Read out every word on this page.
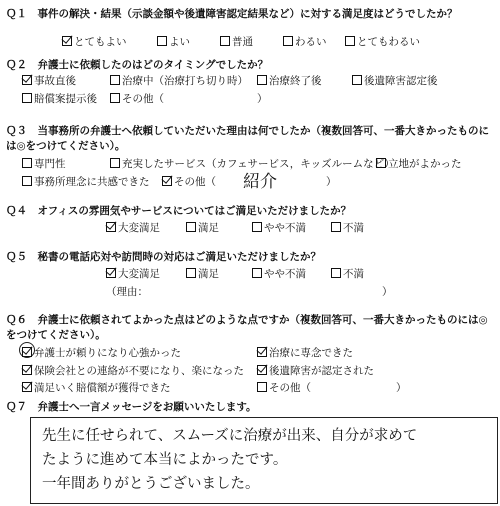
Ｑ１　事件の解決・結果（示談金額や後遺障害認定結果など）に対する満足度はどうでしたか？
とてもよい	よい	普通	わるい	とてもわるい
Ｑ２　弁護士に依頼したのはどのタイミングでしたか？
事故直後	治療中（治療打ち切り時）	治療終了後	後遺障害認定後
賠償案提示後	その他（	）
Ｑ３　当事務所の弁護士へ依頼していただいた理由は何でしたか（複数回答可、一番大きかったものには◎をつけてください）。
専門性	充実したサービス（カフェサービス，キッズルームなど）
立地がよかった
事務所理念に共感できた	その他（ 紹介	）
Ｑ４　オフィスの雰囲気やサービスについてはご満足いただけましたか？
大変満足	満足	やや不満	不満
Ｑ５　秘書の電話応対や訪問時の対応はご満足いただけましたか？
大変満足	満足	やや不満	不満
（理由：	）
Ｑ６　弁護士に依頼されてよかった点はどのような点ですか（複数回答可、一番大きかったものには◎をつけてください）。
弁護士が頼りになり心強かった	治療に専念できた
保険会社との連絡が不要になり、楽になった	後遺障害が認定された
満足いく賠償額が獲得できた	その他（	）
Ｑ７　弁護士へ一言メッセージをお願いいたします。
先生に任せられて、スムーズに治療が出来、自分が求めて
たように進めて本当によかったです。
一年間ありがとうございました。
